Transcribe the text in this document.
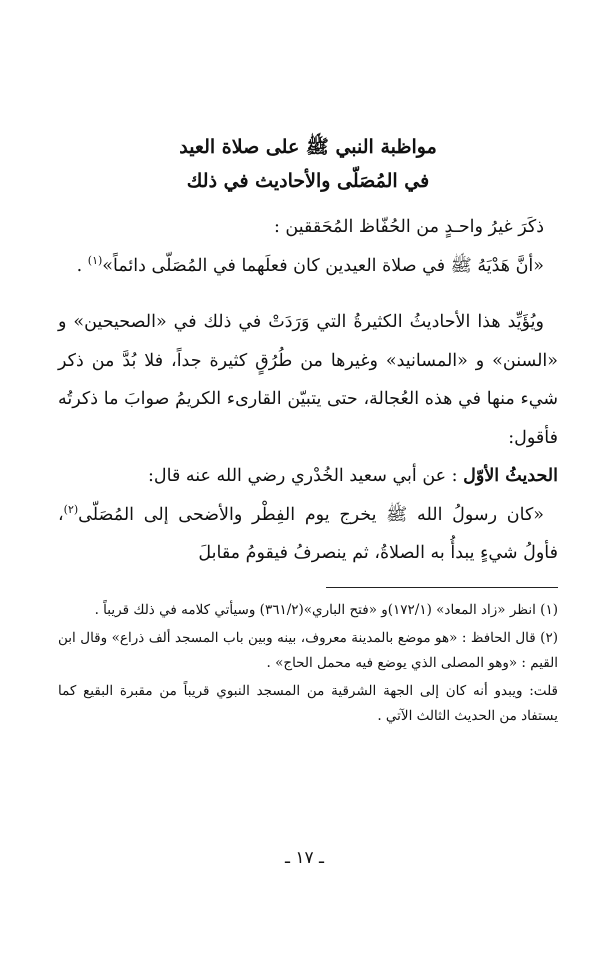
مواظبة النبي ﷺ على صلاة العيد
في المُصَلّى والأحاديث في ذلك

ذكَرَ غيرُ واحـدٍ من الحُفّاظ المُحَققين :

«أنَّ هَدْيَهُ ﷺ في صلاة العيدين كان فعلَهما في المُصَلّى دائماً»$^{(١)}$ .

ويُؤَيِّد هذا الأحاديثُ الكثيرةُ التي وَرَدَتْ في ذلك في «الصحيحين» و «السنن» و «المسانيد» وغيرها من طُرُقٍ كثيرة جداً، فلا بُدَّ من ذكر شيء منها في هذه العُجالة، حتى يتبيّن القارىء الكريمُ صوابَ ما ذكرتُه فأقول:

الحديثُ الأوّل : عن أبي سعيد الخُدْري رضي الله عنه قال:

«كان رسولُ الله ﷺ يخرج يوم الفِطْر والأضحى إلى المُصَلّى$^{(٢)}$، فأولُ شيءٍ يبدأُ به الصلاةُ، ثم ينصرفُ فيقومُ مقابلَ

(١) انظر «زاد المعاد» (١٧٢/١)و «فتح الباري»(٣٦١/٢) وسيأتي كلامه في ذلك قريباً .

(٢) قال الحافظ : «هو موضع بالمدينة معروف، بينه وبين باب المسجد ألف ذراع» وقال ابن القيم : «وهو المصلى الذي يوضع فيه محمل الحاج» .

قلت: ويبدو أنه كان إلى الجهة الشرقية من المسجد النبوي قريباً من مقبرة البقيع كما يستفاد من الحديث الثالث الآتي .

ـ ١٧ ـ
